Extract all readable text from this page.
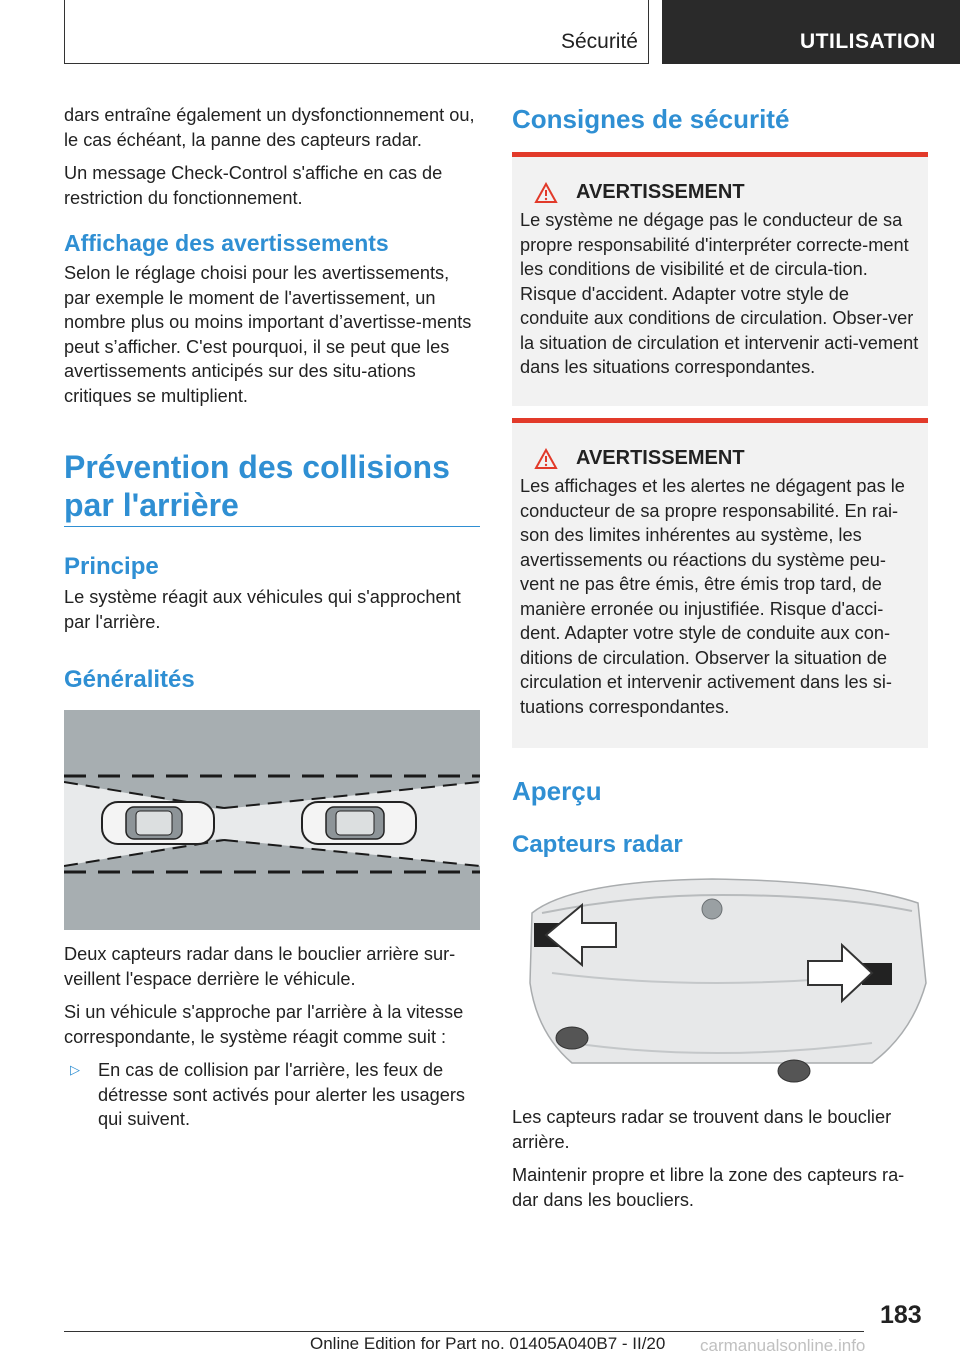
Sécurité	UTILISATION

dars entraîne également un dysfonctionnement ou, le cas échéant, la panne des capteurs radar.

Un message Check-Control s'affiche en cas de restriction du fonctionnement.

Affichage des avertissements

Selon le réglage choisi pour les avertissements, par exemple le moment de l'avertissement, un nombre plus ou moins important d’avertisse-ments peut s’afficher. C'est pourquoi, il se peut que les avertissements anticipés sur des situ-ations critiques se multiplient.

Prévention des collisions
par l'arrière
Principe

Le système réagit aux véhicules qui s'approchent par l'arrière.

Généralités

Deux capteurs radar dans le bouclier arrière sur-veillent l'espace derrière le véhicule.

Si un véhicule s'approche par l'arrière à la vitesse correspondante, le système réagit comme suit :

▷ En cas de collision par l'arrière, les feux de détresse sont activés pour alerter les usagers qui suivent.
Consignes de sécurité
AVERTISSEMENT

Le système ne dégage pas le conducteur de sa propre responsabilité d'interpréter correcte-ment les conditions de visibilité et de circula-tion. Risque d'accident. Adapter votre style de conduite aux conditions de circulation. Obser-ver la situation de circulation et intervenir acti-vement dans les situations correspondantes.

AVERTISSEMENT

Les affichages et les alertes ne dégagent pas le conducteur de sa propre responsabilité. En rai-son des limites inhérentes au système, les avertissements ou réactions du système peu-vent ne pas être émis, être émis trop tard, de manière erronée ou injustifiée. Risque d'acci-dent. Adapter votre style de conduite aux con-ditions de circulation. Observer la situation de circulation et intervenir activement dans les si-tuations correspondantes.

Aperçu
Capteurs radar

Les capteurs radar se trouvent dans le bouclier arrière.

Maintenir propre et libre la zone des capteurs ra-dar dans les boucliers.

183
Online Edition for Part no. 01405A040B7 - II/20 carmanualsonline.info
